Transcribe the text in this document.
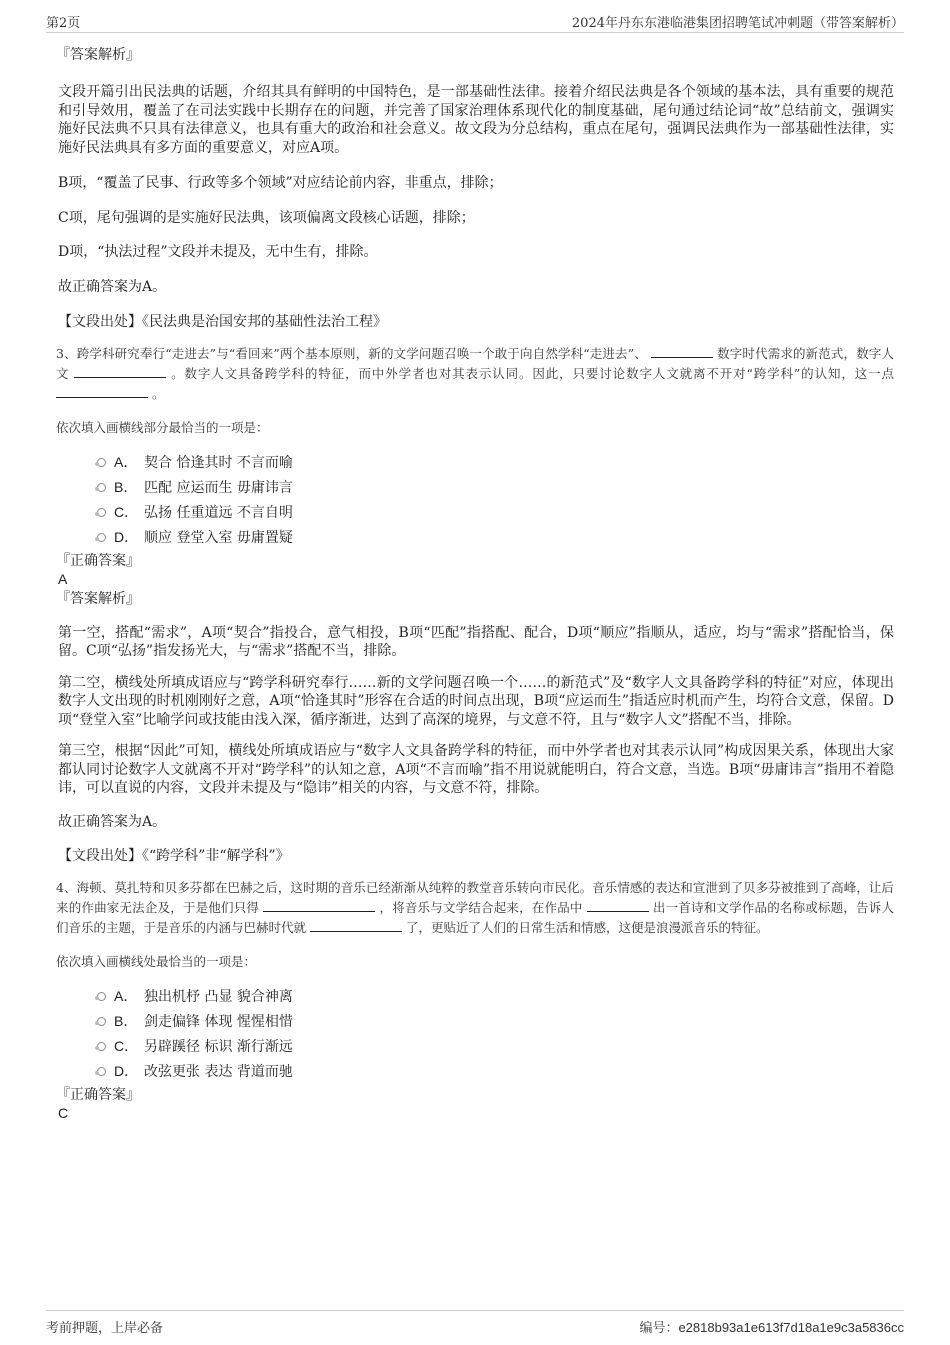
第2页	2024年丹东东港临港集团招聘笔试冲刺题（带答案解析）
『答案解析』

文段开篇引出民法典的话题，介绍其具有鲜明的中国特色，是一部基础性法律。接着介绍民法典是各个领域的基本法，具有重要的规范和引导效用，覆盖了在司法实践中长期存在的问题，并完善了国家治理体系现代化的制度基础，尾句通过结论词“故”总结前文，强调实施好民法典不只具有法律意义，也具有重大的政治和社会意义。故文段为分总结构，重点在尾句，强调民法典作为一部基础性法律，实施好民法典具有多方面的重要意义，对应A项。

B项，“覆盖了民事、行政等多个领域”对应结论前内容，非重点，排除；

C项，尾句强调的是实施好民法典，该项偏离文段核心话题，排除；

D项，“执法过程”文段并未提及，无中生有，排除。

故正确答案为A。

【文段出处】《民法典是治国安邦的基础性法治工程》

3、跨学科研究奉行“走进去”与“看回来”两个基本原则，新的文学问题召唤一个敢于向自然学科“走进去”、	数字时代需求的新范式，数字人文	。数字人文具备跨学科的特征，而中外学者也对其表示认同。因此，只要讨论数字人文就离不开对“跨学科”的认知，这一点  。

依次填入画横线部分最恰当的一项是：

A． 契合 恰逢其时 不言而喻
B． 匹配 应运而生 毋庸讳言
C． 弘扬 任重道远 不言自明
D． 顺应 登堂入室 毋庸置疑
『正确答案』
A
『答案解析』

第一空，搭配“需求”，A项“契合”指投合，意气相投，B项“匹配”指搭配、配合，D项“顺应”指顺从，适应，均与“需求”搭配恰当，保留。C项“弘扬”指发扬光大，与“需求”搭配不当，排除。

第二空，横线处所填成语应与“跨学科研究奉行……新的文学问题召唤一个……的新范式”及“数字人文具备跨学科的特征”对应，体现出数字人文出现的时机刚刚好之意，A项“恰逢其时”形容在合适的时间点出现，B项“应运而生”指适应时机而产生，均符合文意，保留。D项“登堂入室”比喻学问或技能由浅入深，循序渐进，达到了高深的境界，与文意不符，且与“数字人文”搭配不当，排除。

第三空，根据“因此”可知，横线处所填成语应与“数字人文具备跨学科的特征，而中外学者也对其表示认同”构成因果关系，体现出大家都认同讨论数字人文就离不开对“跨学科”的认知之意，A项“不言而喻”指不用说就能明白，符合文意，当选。B项“毋庸讳言”指用不着隐讳，可以直说的内容，文段并未提及与“隐讳”相关的内容，与文意不符，排除。

故正确答案为A。

【文段出处】《“跨学科”非“解学科”》

4、海顿、莫扎特和贝多芬都在巴赫之后，这时期的音乐已经渐渐从纯粹的教堂音乐转向市民化。音乐情感的表达和宣泄到了贝多芬被推到了高峰，让后来的作曲家无法企及，于是他们只得	，将音乐与文学结合起来，在作品中	出一首诗和文学作品的名称或标题，告诉人们音乐的主题，于是音乐的内涵与巴赫时代就	了，更贴近了人们的日常生活和情感，这便是浪漫派音乐的特征。

依次填入画横线处最恰当的一项是：

A． 独出机杼 凸显 貌合神离
B． 剑走偏锋 体现 惺惺相惜
C． 另辟蹊径 标识 渐行渐远
D． 改弦更张 表达 背道而驰
『正确答案』
C
考前押题，上岸必备	编号：e2818b93a1e613f7d18a1e9c3a5836cc
